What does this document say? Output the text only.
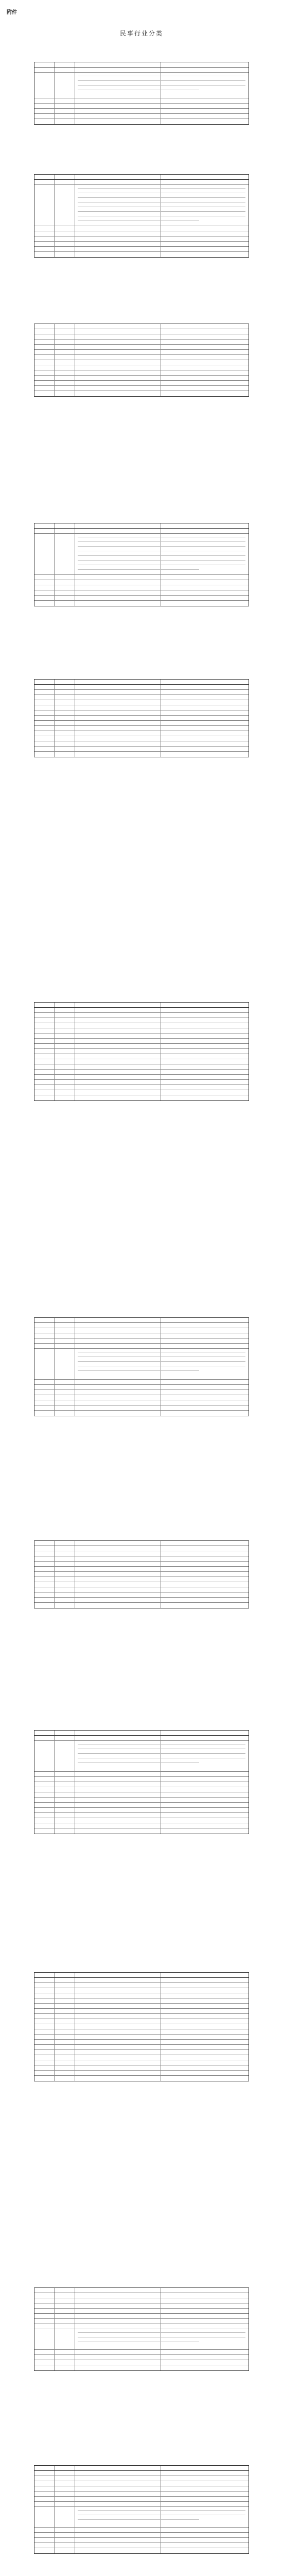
附件
民事行业分类
